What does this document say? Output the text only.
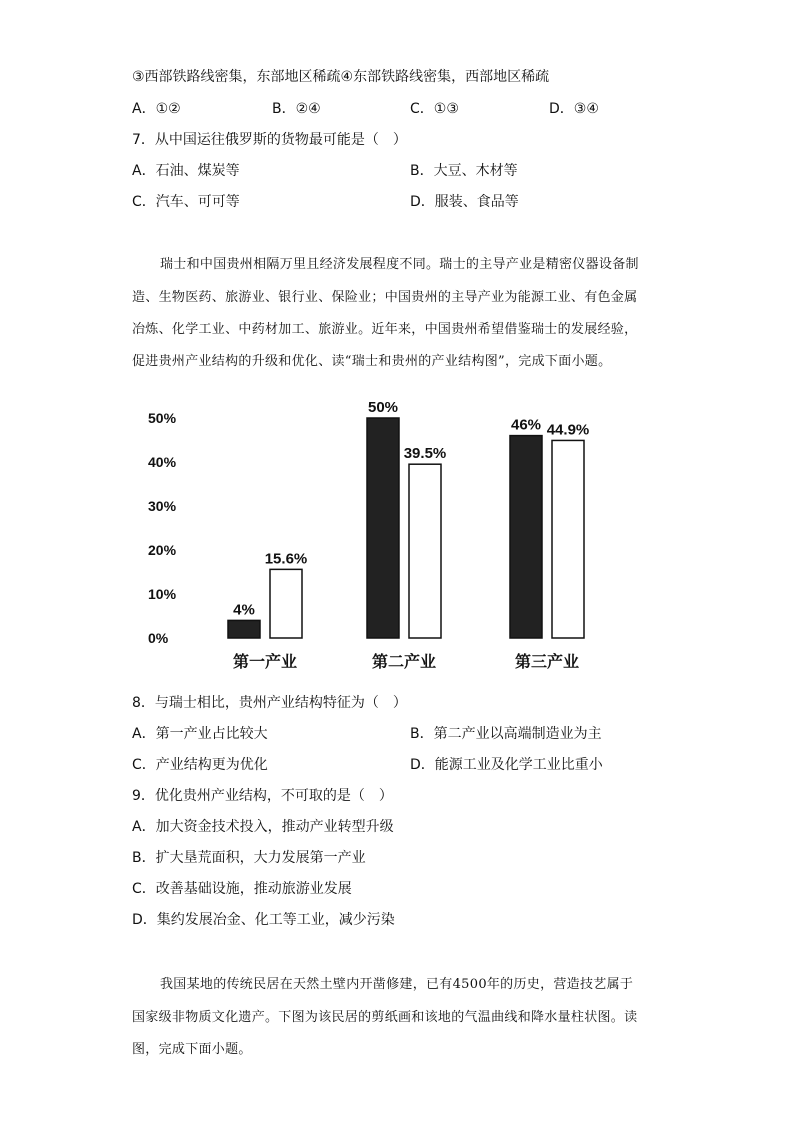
③西部铁路线密集，东部地区稀疏④东部铁路线密集，西部地区稀疏
A．①②	B．②④	C．①③	D．③④
7．从中国运往俄罗斯的货物最可能是（　）
A．石油、煤炭等	B．大豆、木材等
C．汽车、可可等	D．服装、食品等
瑞士和中国贵州相隔万里且经济发展程度不同。瑞士的主导产业是精密仪器设备制
造、生物医药、旅游业、银行业、保险业；中国贵州的主导产业为能源工业、有色金属
冶炼、化学工业、中药材加工、旅游业。近年来，中国贵州希望借鉴瑞士的发展经验，
促进贵州产业结构的升级和优化、读“瑞士和贵州的产业结构图”，完成下面小题。
0%
10%
20%
30%
40%
50%
4%
15.6%
50%
39.5%
46% 44.9%
第一产业	第二产业	第三产业
8．与瑞士相比，贵州产业结构特征为（　）
A．第一产业占比较大	B．第二产业以高端制造业为主
C．产业结构更为优化	D．能源工业及化学工业比重小
9．优化贵州产业结构，不可取的是（　）
A．加大资金技术投入，推动产业转型升级
B．扩大垦荒面积，大力发展第一产业
C．改善基础设施，推动旅游业发展
D．集约发展冶金、化工等工业，减少污染
我国某地的传统民居在天然土壁内开凿修建，已有4500年的历史，营造技艺属于
国家级非物质文化遗产。下图为该民居的剪纸画和该地的气温曲线和降水量柱状图。读
图，完成下面小题。
